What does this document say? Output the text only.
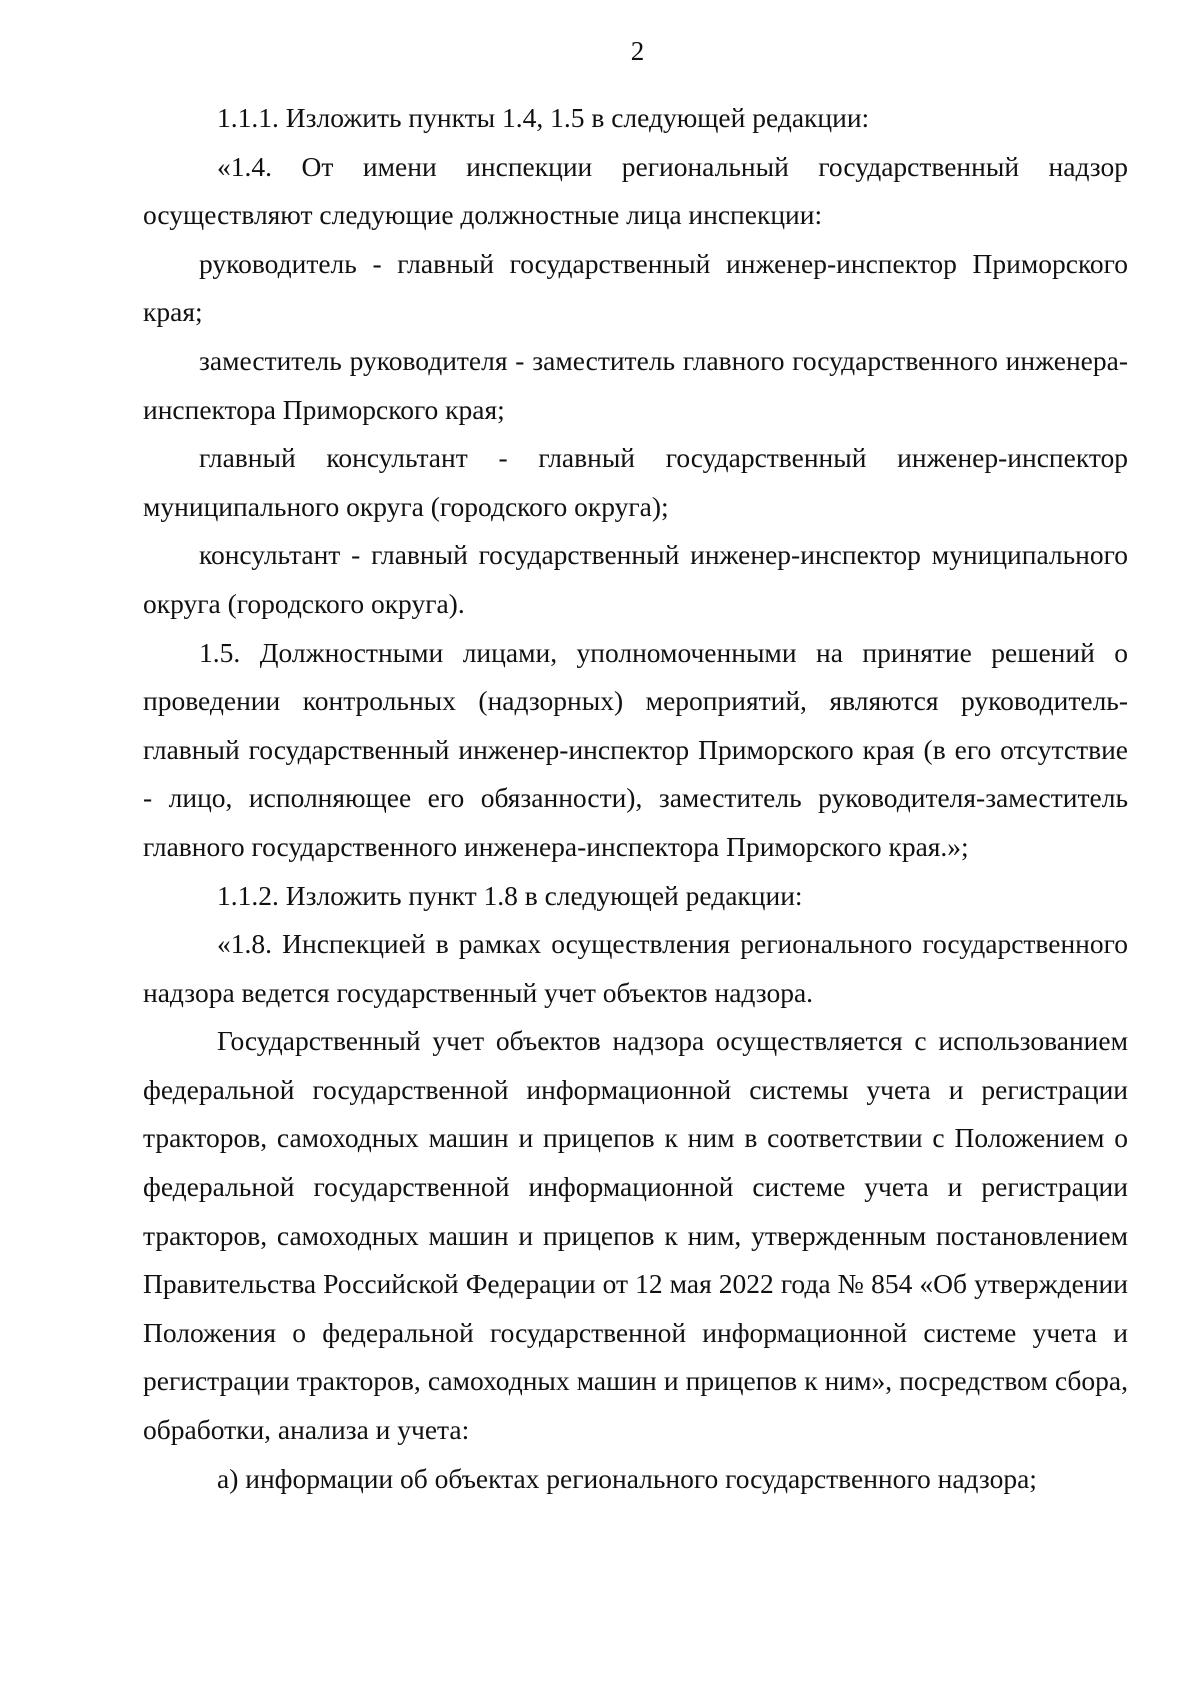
2

1.1.1. Изложить пункты 1.4, 1.5 в следующей редакции:

«1.4. От имени инспекции региональный государственный надзор осуществляют следующие должностные лица инспекции:

руководитель - главный государственный инженер-инспектор Приморского края;

заместитель руководителя - заместитель главного государственного инженера-инспектора Приморского края;

главный консультант - главный государственный инженер-инспектор муниципального округа (городского округа);

консультант - главный государственный инженер-инспектор муниципального округа (городского округа).

1.5. Должностными лицами, уполномоченными на принятие решений о проведении контрольных (надзорных) мероприятий, являются руководитель-главный государственный инженер-инспектор Приморского края (в его отсутствие - лицо, исполняющее его обязанности), заместитель руководителя-заместитель главного государственного инженера-инспектора Приморского края.»;

1.1.2. Изложить пункт 1.8 в следующей редакции:

«1.8. Инспекцией в рамках осуществления регионального государственного надзора ведется государственный учет объектов надзора.

Государственный учет объектов надзора осуществляется с использованием федеральной государственной информационной системы учета и регистрации тракторов, самоходных машин и прицепов к ним в соответствии с Положением о федеральной государственной информационной системе учета и регистрации тракторов, самоходных машин и прицепов к ним, утвержденным постановлением Правительства Российской Федерации от 12 мая 2022 года № 854 «Об утверждении Положения о федеральной государственной информационной системе учета и регистрации тракторов, самоходных машин и прицепов к ним», посредством сбора, обработки, анализа и учета:

а) информации об объектах регионального государственного надзора;
